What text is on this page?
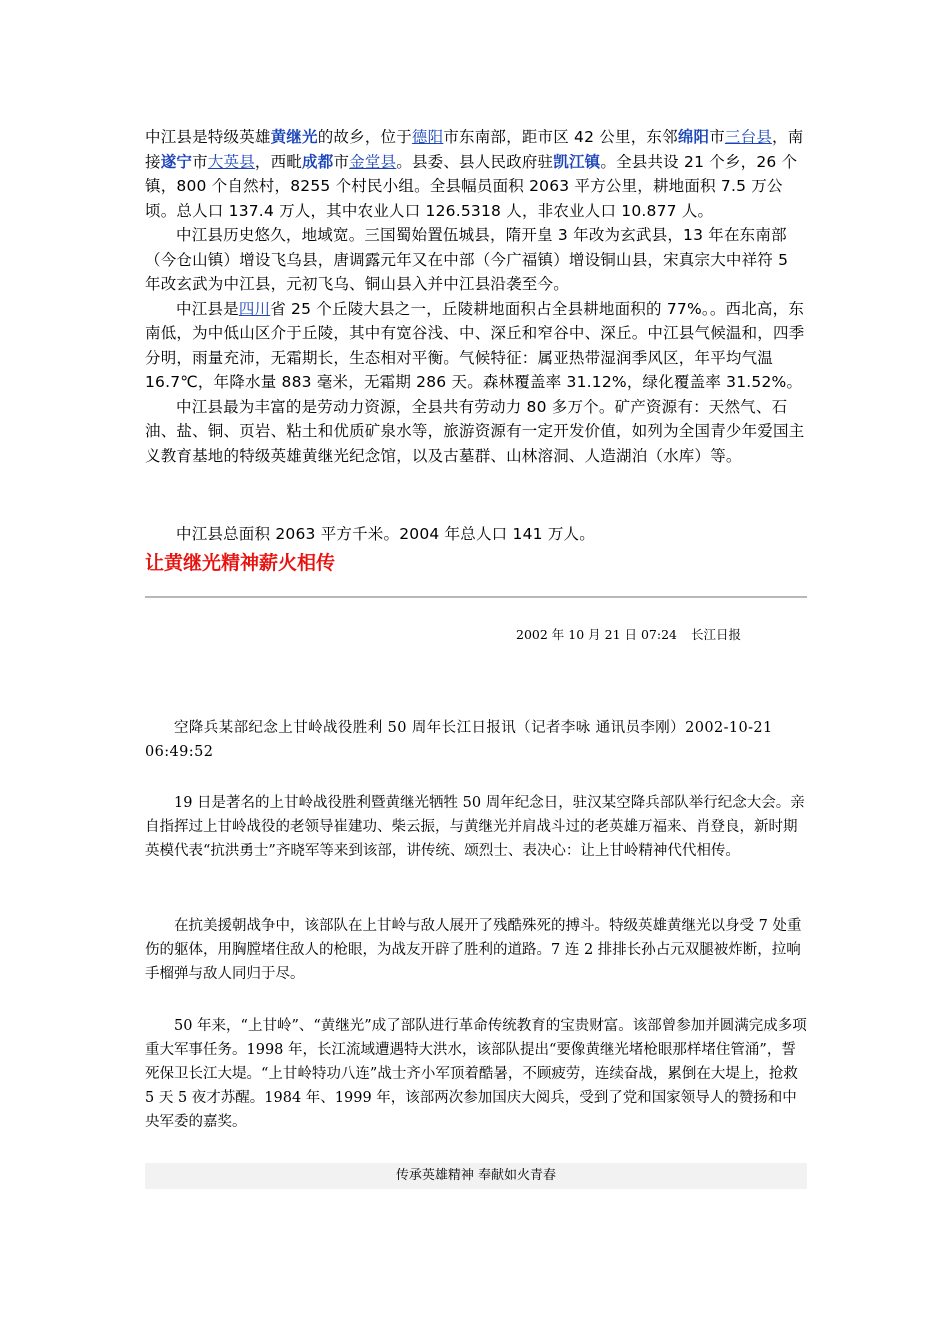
中江县是特级英雄黄继光的故乡，位于德阳市东南部，距市区 42 公里，东邻绵阳市三台县，南接遂宁市大英县，西毗成都市金堂县。县委、县人民政府驻凯江镇。全县共设 21 个乡，26 个镇，800 个自然村，8255 个村民小组。全县幅员面积 2063 平方公里，耕地面积 7.5 万公顷。总人口 137.4 万人，其中农业人口 126.5318 人，非农业人口 10.877 人。

中江县历史悠久，地域宽。三国蜀始置伍城县，隋开皇 3 年改为玄武县，13 年在东南部（今仓山镇）增设飞乌县，唐调露元年又在中部（今广福镇）增设铜山县，宋真宗大中祥符 5 年改玄武为中江县，元初飞乌、铜山县入并中江县沿袭至今。

中江县是四川省 25 个丘陵大县之一，丘陵耕地面积占全县耕地面积的 77%。。西北高，东南低，为中低山区介于丘陵，其中有宽谷浅、中、深丘和窄谷中、深丘。中江县气候温和，四季分明，雨量充沛，无霜期长，生态相对平衡。气候特征：属亚热带湿润季风区，年平均气温 16.7℃，年降水量 883 毫米，无霜期 286 天。森林覆盖率 31.12%，绿化覆盖率 31.52%。

中江县最为丰富的是劳动力资源，全县共有劳动力 80 多万个。矿产资源有：天然气、石油、盐、铜、页岩、粘土和优质矿泉水等，旅游资源有一定开发价值，如列为全国青少年爱国主义教育基地的特级英雄黄继光纪念馆，以及古墓群、山林溶洞、人造湖泊（水库）等。

中江县总面积 2063 平方千米。2004 年总人口 141 万人。

让黄继光精神薪火相传
2002 年 10 月 21 日 07:24 长江日报

空降兵某部纪念上甘岭战役胜利 50 周年长江日报讯（记者李咏 通讯员李刚）2002-10-21 06:49:52

19 日是著名的上甘岭战役胜利暨黄继光牺牲 50 周年纪念日，驻汉某空降兵部队举行纪念大会。亲自指挥过上甘岭战役的老领导崔建功、柴云振，与黄继光并肩战斗过的老英雄万福来、肖登良，新时期英模代表“抗洪勇士”齐晓军等来到该部，讲传统、颂烈士、表决心：让上甘岭精神代代相传。

在抗美援朝战争中，该部队在上甘岭与敌人展开了残酷殊死的搏斗。特级英雄黄继光以身受 7 处重伤的躯体，用胸膛堵住敌人的枪眼，为战友开辟了胜利的道路。7 连 2 排排长孙占元双腿被炸断，拉响手榴弹与敌人同归于尽。

50 年来，“上甘岭”、“黄继光”成了部队进行革命传统教育的宝贵财富。该部曾参加并圆满完成多项重大军事任务。1998 年，长江流域遭遇特大洪水，该部队提出“要像黄继光堵枪眼那样堵住管涌”，誓死保卫长江大堤。“上甘岭特功八连”战士齐小军顶着酷暑，不顾疲劳，连续奋战，累倒在大堤上，抢救 5 天 5 夜才苏醒。1984 年、1999 年，该部两次参加国庆大阅兵，受到了党和国家领导人的赞扬和中央军委的嘉奖。

传承英雄精神 奉献如火青春
